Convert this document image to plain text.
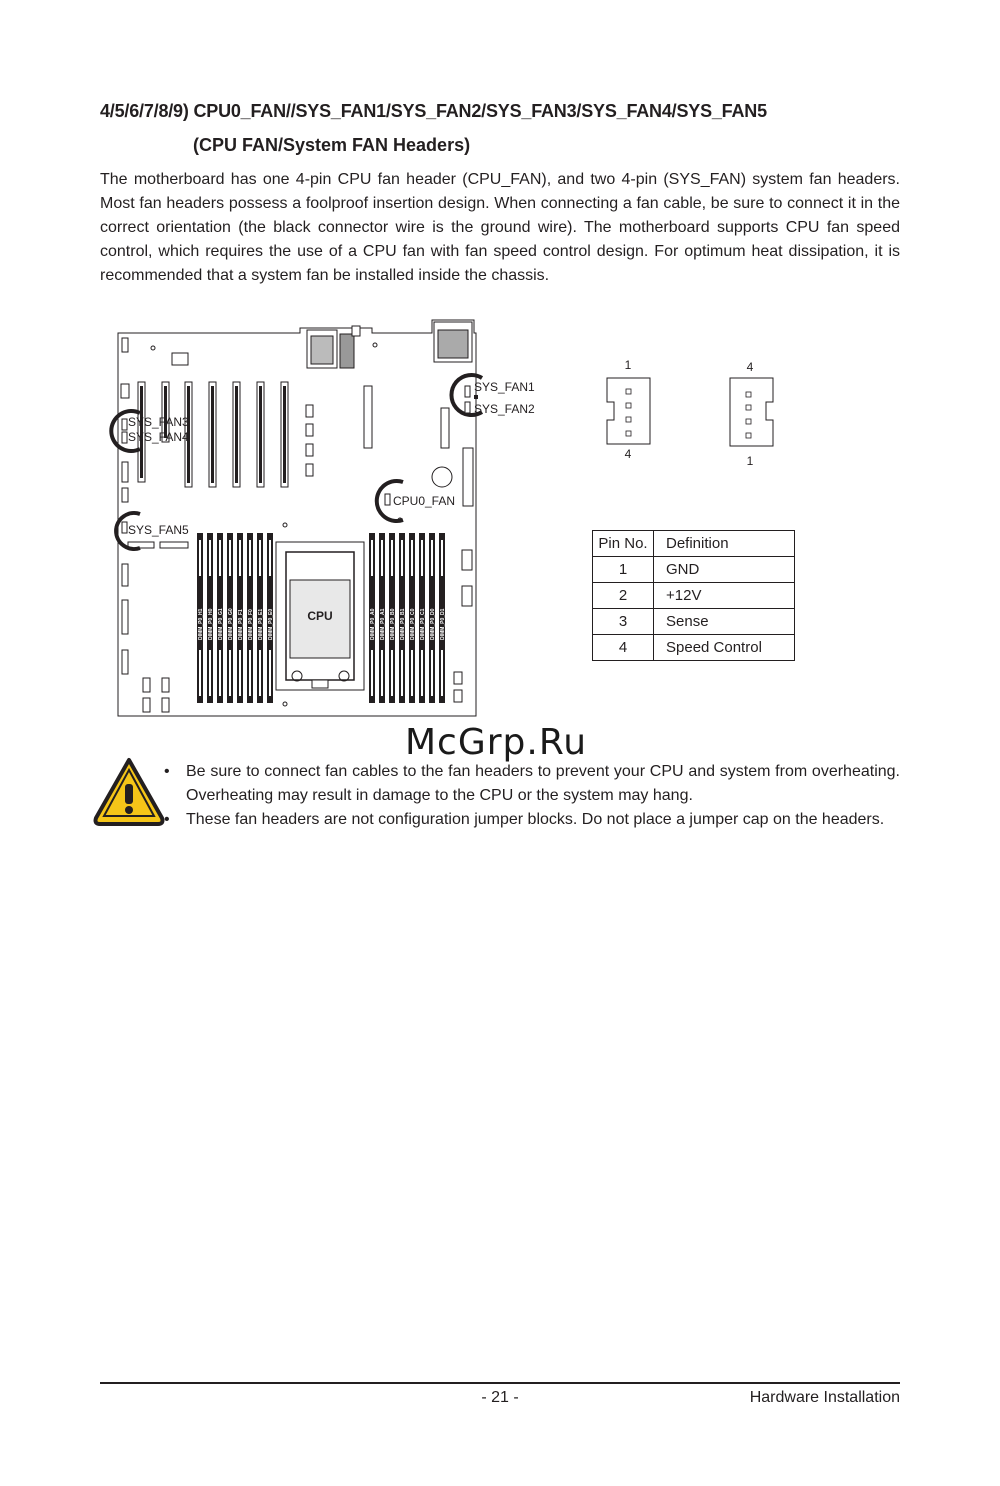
4/5/6/7/8/9) CPU0_FAN//SYS_FAN1/SYS_FAN2/SYS_FAN3/SYS_FAN4/SYS_FAN5
(CPU FAN/System FAN Headers)
The motherboard has one 4-pin CPU fan header (CPU_FAN), and two 4-pin (SYS_FAN) system fan headers. Most fan headers possess a foolproof insertion design. When connecting a fan cable, be sure to connect it in the correct orientation (the black connector wire is the ground wire). The motherboard supports CPU fan speed control, which requires the use of a CPU fan with fan speed control design. For optimum heat dissipation, it is recommended that a system fan be installed inside the chassis.
DIMM_P0_H1 DIMM_P0_H0 DIMM_P0_G1 DIMM_P0_G0 DIMM_P0_F1 DIMM_P0_F0 DIMM_P0_E1 DIMM_P0_E0	DIMM_P0_A0 DIMM_P0_A1 DIMM_P0_B0 DIMM_P0_B1 DIMM_P0_C0 DIMM_P0_C1 DIMM_P0_D0 DIMM_P0_D1
CPU
SYS_FAN1
SYS_FAN2
SYS_FAN3
SYS_FAN4
SYS_FAN5
CPU0_FAN
1
4
4
1
Pin No.	Definition
1	GND
2	+12V
3	Sense
4	Speed Control
McGrp.Ru
• Be sure to connect fan cables to the fan headers to prevent your CPU and system from overheating. Overheating may result in damage to the CPU or the system may hang.
• These fan headers are not configuration jumper blocks. Do not place a jumper cap on the headers.
- 21 -	Hardware Installation
